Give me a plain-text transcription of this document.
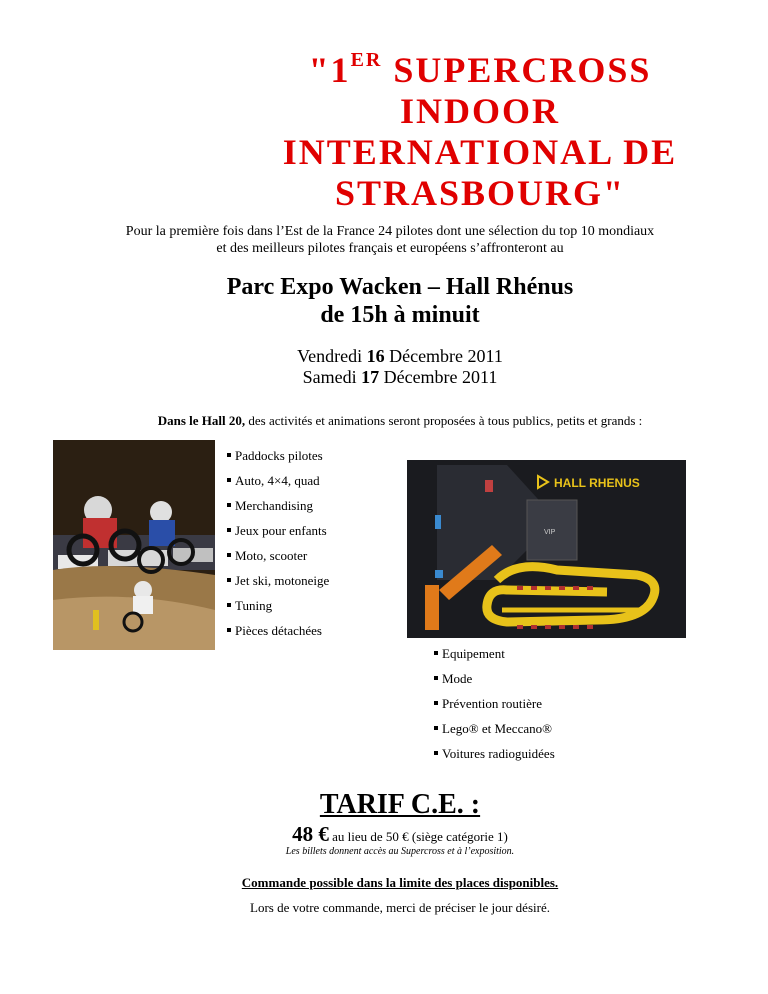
"1ER SUPERCROSS
INDOOR
INTERNATIONAL DE
STRASBOURG"
Pour la première fois dans l’Est de la France 24 pilotes dont une sélection du top 10 mondiaux
et des meilleurs pilotes français et européens s’affronteront au
Parc Expo Wacken – Hall Rhénus
de 15h à minuit
Vendredi 16 Décembre 2011
Samedi 17 Décembre 2011
Dans le Hall 20, des activités et animations seront proposées à tous publics, petits et grands :
Paddocks pilotes
Auto, 4×4, quad
Merchandising
Jeux pour enfants
Moto, scooter
Jet ski, motoneige
Tuning
Pièces détachées
HALL RHENUS
VIP
Equipement
Mode
Prévention routière
Lego® et Meccano®
Voitures radioguidées
TARIF C.E. :
48 € au lieu de 50 € (siège catégorie 1)
Les billets donnent accès au Supercross et à l’exposition.
Commande possible dans la limite des places disponibles.
Lors de votre commande, merci de préciser le jour désiré.
